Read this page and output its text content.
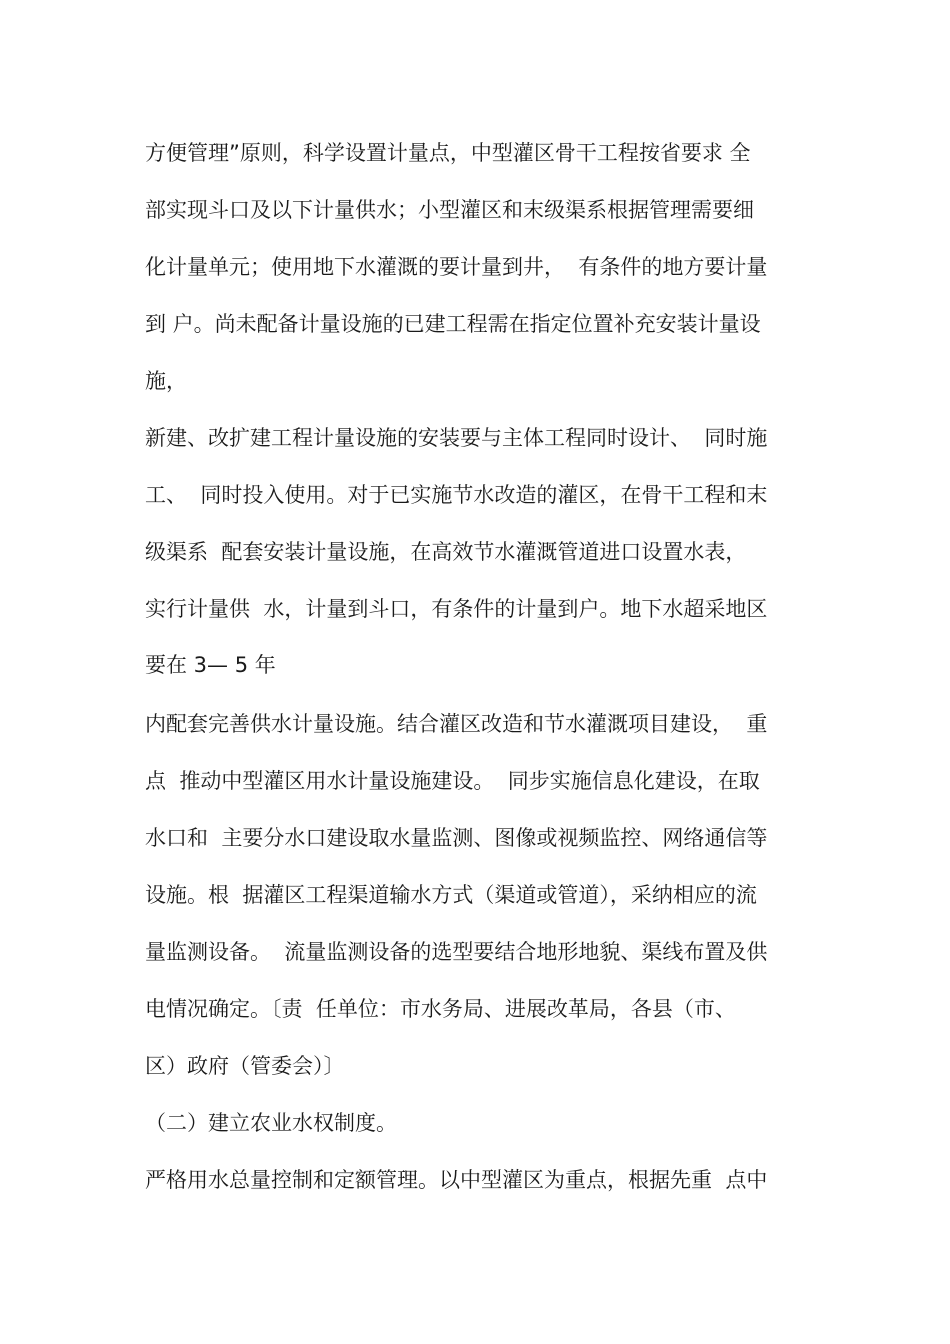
方便管理”原则，科学设置计量点，中型灌区骨干工程按省要求 全
部实现斗口及以下计量供水；小型灌区和末级渠系根据管理需要细
化计量单元；使用地下水灌溉的要计量到井，  有条件的地方要计量
到 户。尚未配备计量设施的已建工程需在指定位置补充安装计量设
施，
新建、改扩建工程计量设施的安装要与主体工程同时设计、  同时施
工、  同时投入使用。对于已实施节水改造的灌区，在骨干工程和末
级渠系  配套安装计量设施，在高效节水灌溉管道进口设置水表，
实行计量供  水，计量到斗口，有条件的计量到户。地下水超采地区
要在 3— 5 年
内配套完善供水计量设施。结合灌区改造和节水灌溉项目建设，  重
点  推动中型灌区用水计量设施建设。  同步实施信息化建设，在取
水口和  主要分水口建设取水量监测、图像或视频监控、网络通信等
设施。根  据灌区工程渠道输水方式（渠道或管道），采纳相应的流
量监测设备。  流量监测设备的选型要结合地形地貌、渠线布置及供
电情况确定。〔责  任单位：市水务局、进展改革局，各县（市、
区）政府（管委会）〕
（二）建立农业水权制度。
严格用水总量控制和定额管理。以中型灌区为重点，根据先重  点中
